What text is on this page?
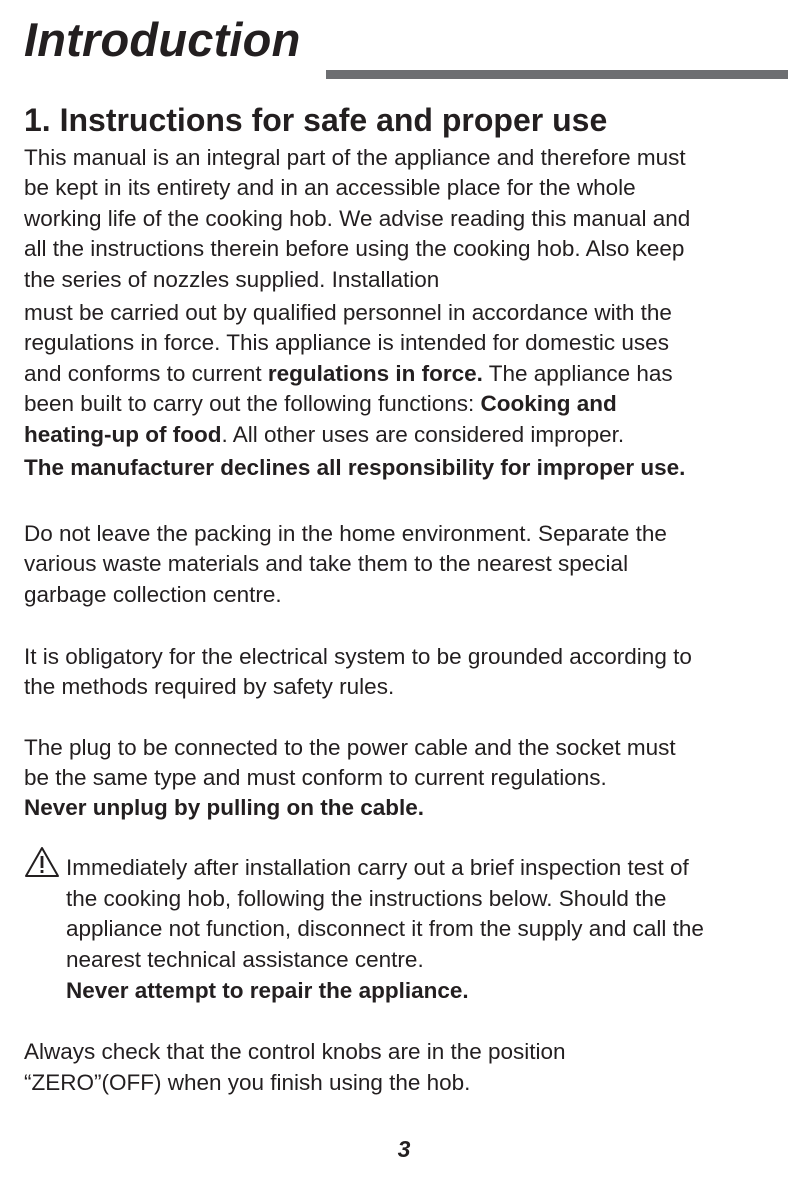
Introduction
1. Instructions for safe and proper use

This manual is an integral part of the appliance and therefore must

be kept in its entirety and in an accessible place for the whole

working life of the cooking hob. We advise reading this manual and

all the instructions therein before using the cooking hob. Also keep

the series of nozzles supplied. Installation

must be carried out by qualified personnel in accordance with the

regulations in force. This appliance is intended for domestic uses

and conforms to current regulations in force. The appliance has

been built to carry out the following functions: Cooking and

heating-up of food. All other uses are considered improper.

The manufacturer declines all responsibility for improper use.

Do not leave the packing in the home environment. Separate the

various waste materials and take them to the nearest special

garbage collection centre.

It is obligatory for the electrical system to be grounded according to

the methods required by safety rules.

The plug to be connected to the power cable and the socket must

be the same type and must conform to current regulations.

Never unplug by pulling on the cable.

Immediately after installation carry out a brief inspection test of

the cooking hob, following the instructions below. Should the

appliance not function, disconnect it from the supply and call the

nearest technical assistance centre.

Never attempt to repair the appliance.

Always check that the control knobs are in the position

“ZERO”(OFF) when you finish using the hob.

3
